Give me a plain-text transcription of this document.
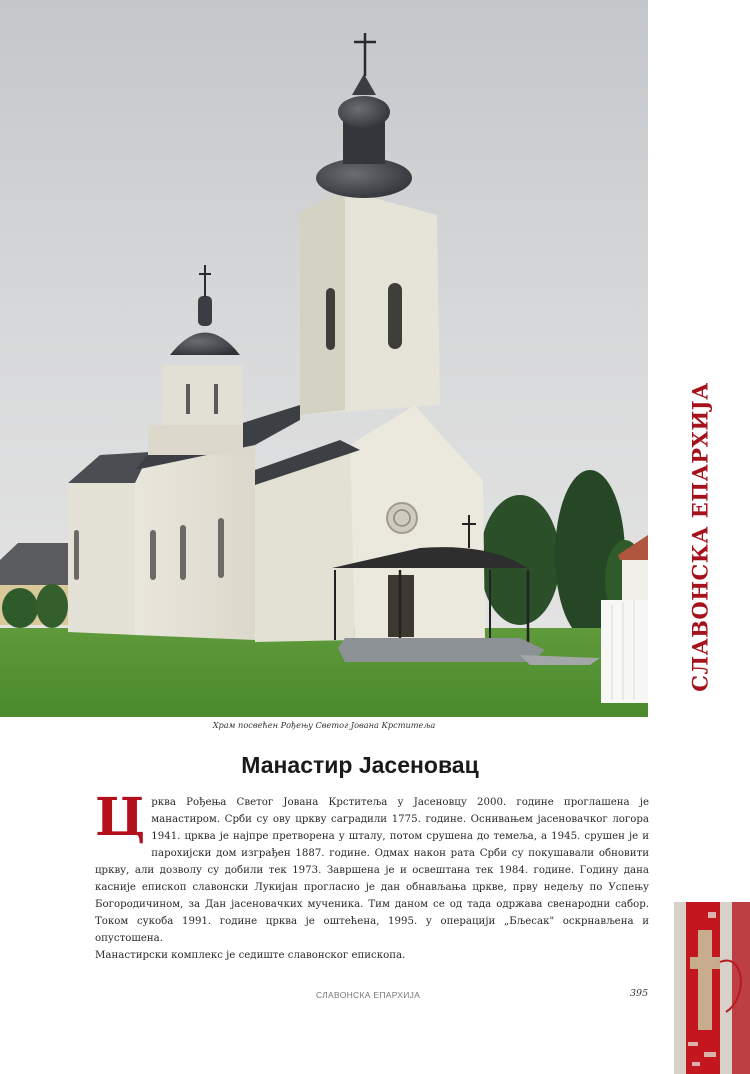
Храм посвећен Рођењу Светог Јована Крститеља
Манастир Јасеновац
Ц рква Рођења Светог Јована Крститеља у Јасеновцу 2000. године проглашена је манастиром. Срби су ову цркву саградили 1775. године. Оснивањем јасеновачког логора 1941. црква је најпре претворена у шталу, потом срушена до темеља, а 1945. срушен је и парохијски дом изграђен 1887. године. Одмах након рата Срби су покушавали обновити цркву, али дозволу су добили тек 1973. Завршена је и освештана тек 1984. године. Годину дана касније епископ славонски Лукијан прогласио је дан обнављања цркве, прву недељу по Успењу Богородичином, за Дан јасеновачких мученика. Тим даном се од тада одржава свенародни сабор. Током сукоба 1991. године црква је оштећена, 1995. у операцији „Бљесак" оскрнављена и опустошена.

Манастирски комплекс је седиште славонског епископа.

СЛАВОНСКА ЕПАРХИЈА	395
СЛАВОНСКА ЕПАРХИЈА
